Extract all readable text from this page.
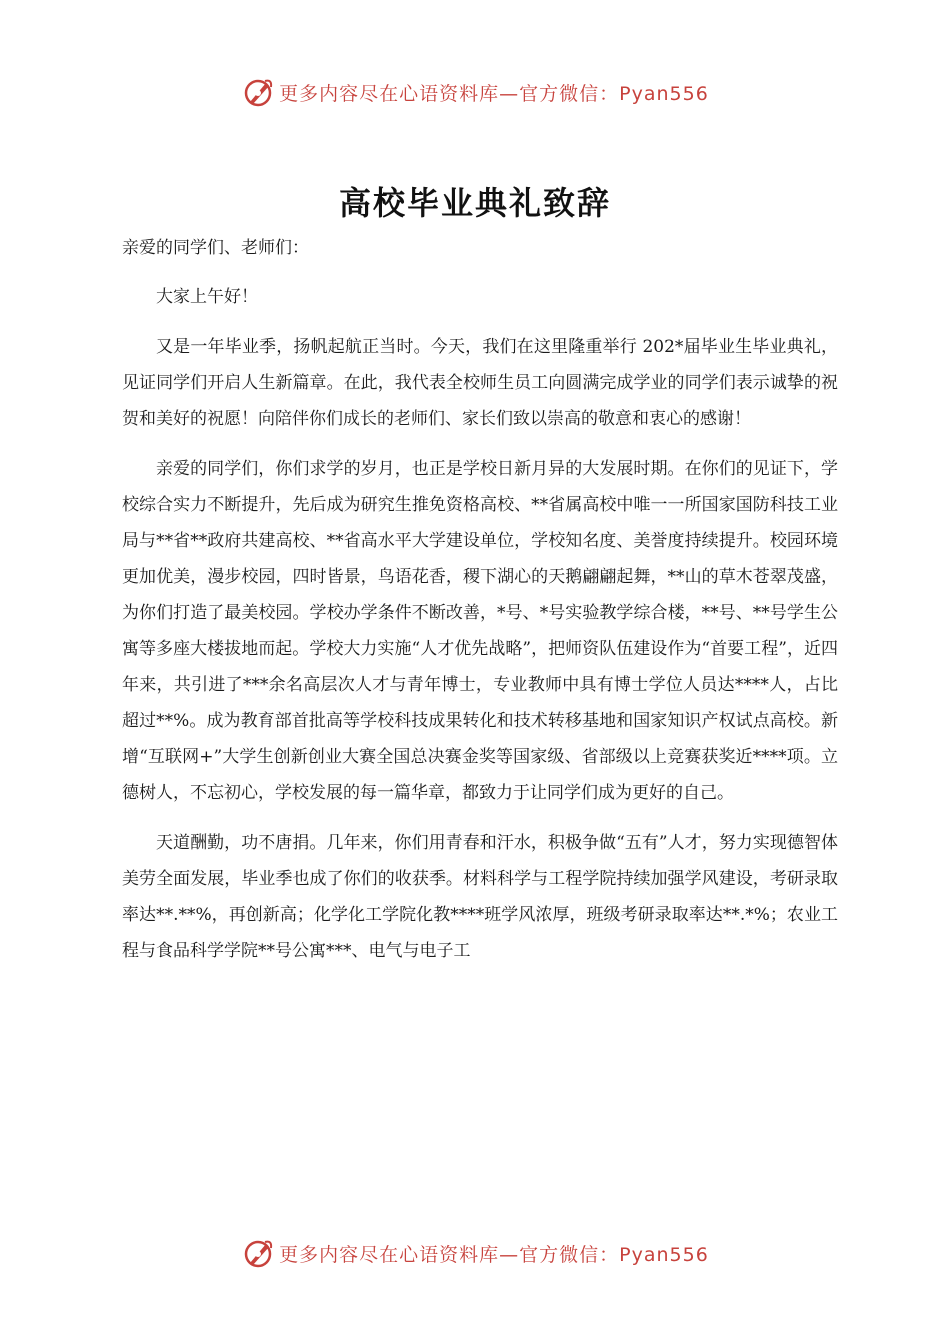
更多内容尽在心语资料库—官方微信：Pyan556
高校毕业典礼致辞

亲爱的同学们、老师们：

大家上午好！

又是一年毕业季，扬帆起航正当时。今天，我们在这里隆重举行 202*届毕业生毕业典礼，见证同学们开启人生新篇章。在此，我代表全校师生员工向圆满完成学业的同学们表示诚挚的祝贺和美好的祝愿！向陪伴你们成长的老师们、家长们致以崇高的敬意和衷心的感谢！

亲爱的同学们，你们求学的岁月，也正是学校日新月异的大发展时期。在你们的见证下，学校综合实力不断提升，先后成为研究生推免资格高校、**省属高校中唯一一所国家国防科技工业局与**省**政府共建高校、**省高水平大学建设单位，学校知名度、美誉度持续提升。校园环境更加优美，漫步校园，四时皆景，鸟语花香，稷下湖心的天鹅翩翩起舞，**山的草木苍翠茂盛，为你们打造了最美校园。学校办学条件不断改善，*号、*号实验教学综合楼，**号、**号学生公寓等多座大楼拔地而起。学校大力实施“人才优先战略”，把师资队伍建设作为“首要工程”，近四年来，共引进了***余名高层次人才与青年博士，专业教师中具有博士学位人员达****人，占比超过**%。成为教育部首批高等学校科技成果转化和技术转移基地和国家知识产权试点高校。新增“互联网+”大学生创新创业大赛全国总决赛金奖等国家级、省部级以上竞赛获奖近****项。立德树人，不忘初心，学校发展的每一篇华章，都致力于让同学们成为更好的自己。

天道酬勤，功不唐捐。几年来，你们用青春和汗水，积极争做“五有”人才，努力实现德智体美劳全面发展，毕业季也成了你们的收获季。材料科学与工程学院持续加强学风建设，考研录取率达**.**%，再创新高；化学化工学院化教****班学风浓厚，班级考研录取率达**.*%；农业工程与食品科学学院**号公寓***、电气与电子工

更多内容尽在心语资料库—官方微信：Pyan556
